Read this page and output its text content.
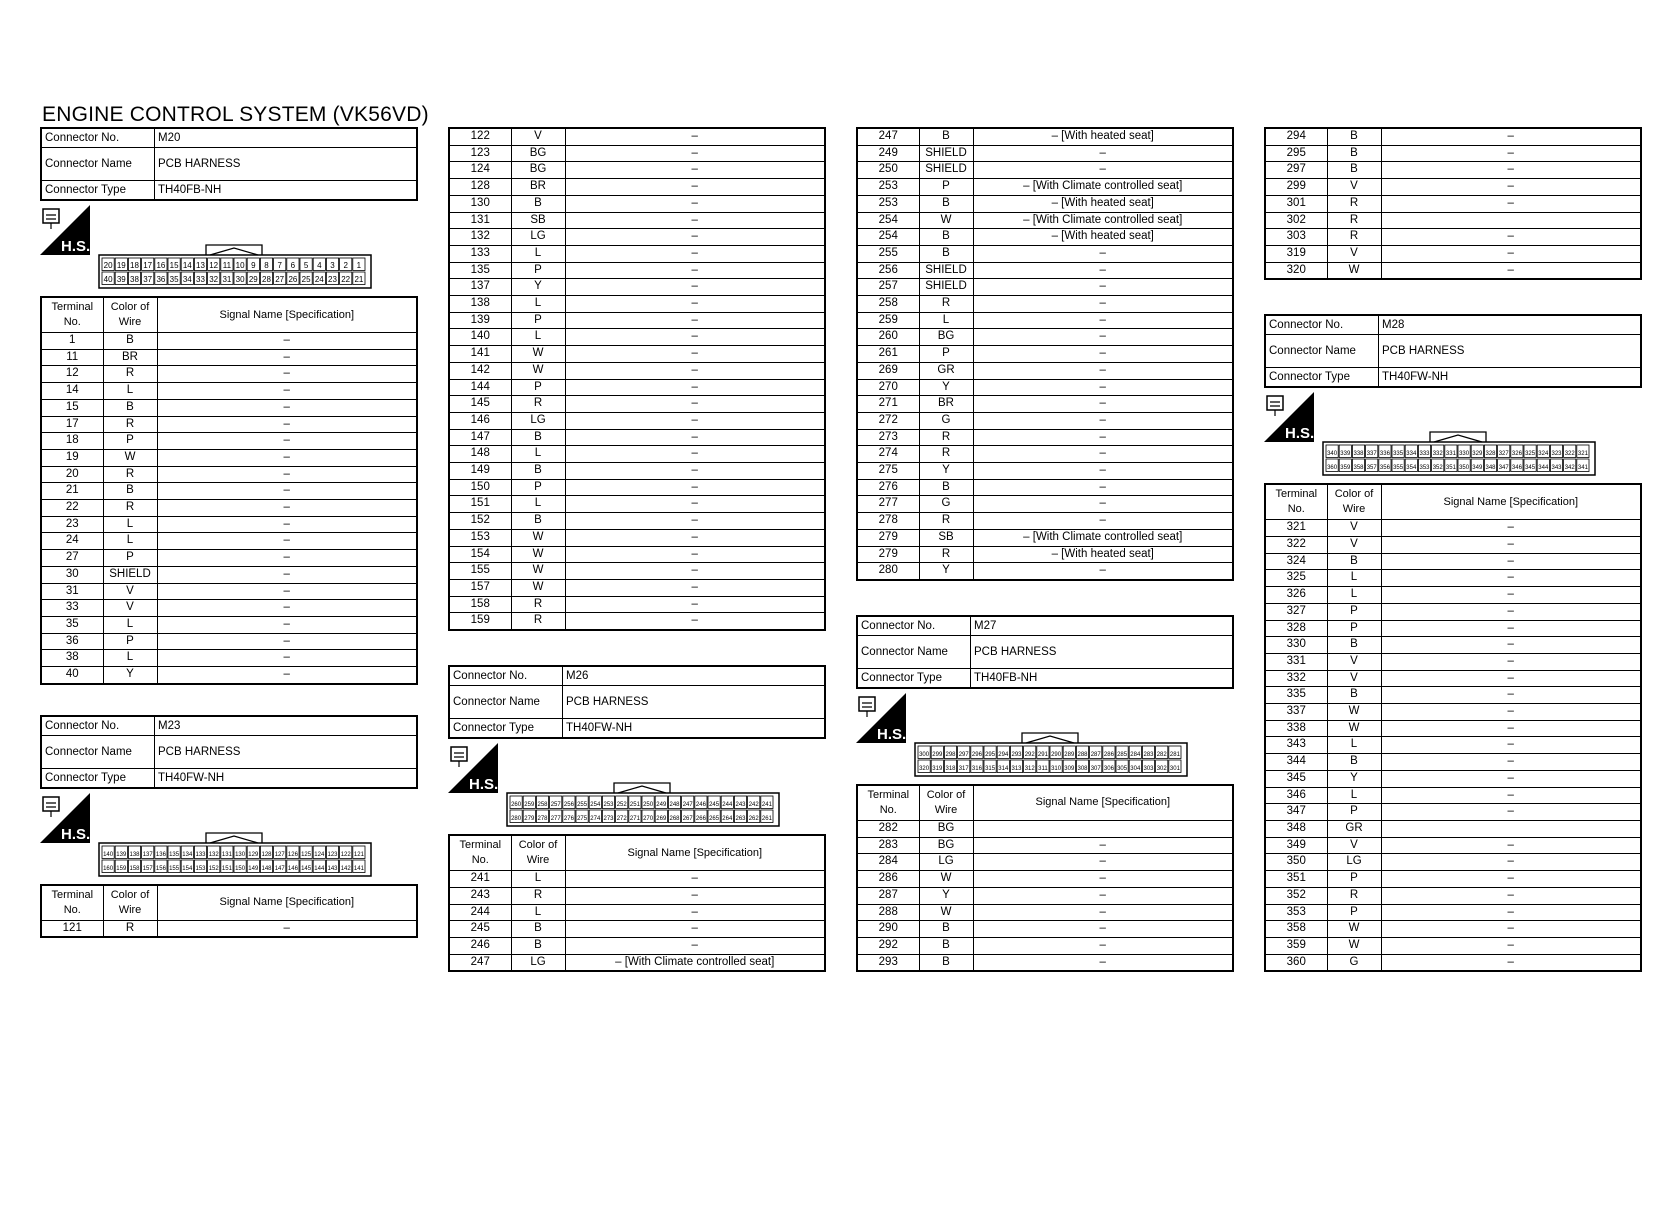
ENGINE CONTROL SYSTEM (VK56VD)
Connector No.	M20
Connector Name	PCB HARNESS
Connector Type	TH40FB-NH
H.S.
20 19 18 17 16 15 14 13 12 11 10 9 8 7 6 5 4 3 2 1
40 39 38 37 36 35 34 33 32 31 30 29 28 27 26 25 24 23 22 21
Terminal No.	Color of Wire	Signal Name [Specification]
1	B	–
11	BR	–
12	R	–
14	L	–
15	B	–
17	R	–
18	P	–
19	W	–
20	R	–
21	B	–
22	R	–
23	L	–
24	L	–
27	P	–
30	SHIELD	–
31	V	–
33	V	–
35	L	–
36	P	–
38	L	–
40	Y	–
Connector No.	M23
Connector Name	PCB HARNESS
Connector Type	TH40FW-NH
H.S.
140 139 138 137 136 135 134 133 132 131 130 129 128 127 126 125 124 123 122 121
160 159 158 157 156 155 154 153 152 151 150 149 148 147 146 145 144 143 142 141
Terminal No.	Color of Wire	Signal Name [Specification]
121	R	–
122	V	–
123	BG	–
124	BG	–
128	BR	–
130	B	–
131	SB	–
132	LG	–
133	L	–
135	P	–
137	Y	–
138	L	–
139	P	–
140	L	–
141	W	–
142	W	–
144	P	–
145	R	–
146	LG	–
147	B	–
148	L	–
149	B	–
150	P	–
151	L	–
152	B	–
153	W	–
154	W	–
155	W	–
157	W	–
158	R	–
159	R	–
Connector No.	M26
Connector Name	PCB HARNESS
Connector Type	TH40FW-NH
H.S.
260 259 258 257 256 255 254 253 252 251 250 249 248 247 246 245 244 243 242 241
280 279 278 277 276 275 274 273 272 271 270 269 268 267 266 265 264 263 262 261
Terminal No.	Color of Wire	Signal Name [Specification]
241	L	–
243	R	–
244	L	–
245	B	–
246	B	–
247	LG	– [With Climate controlled seat]
247	B	– [With heated seat]
249	SHIELD	–
250	SHIELD	–
253	P	– [With Climate controlled seat]
253	B	– [With heated seat]
254	W	– [With Climate controlled seat]
254	B	– [With heated seat]
255	B	–
256	SHIELD	–
257	SHIELD	–
258	R	–
259	L	–
260	BG	–
261	P	–
269	GR	–
270	Y	–
271	BR	–
272	G	–
273	R	–
274	R	–
275	Y	–
276	B	–
277	G	–
278	R	–
279	SB	– [With Climate controlled seat]
279	R	– [With heated seat]
280	Y	–
Connector No.	M27
Connector Name	PCB HARNESS
Connector Type	TH40FB-NH
H.S.
300 299 298 297 296 295 294 293 292 291 290 289 288 287 286 285 284 283 282 281
320 319 318 317 316 315 314 313 312 311 310 309 308 307 306 305 304 303 302 301
Terminal No.	Color of Wire	Signal Name [Specification]
282	BG	
283	BG	–
284	LG	–
286	W	–
287	Y	–
288	W	–
290	B	–
292	B	–
293	B	–
294	B	–
295	B	–
297	B	–
299	V	–
301	R	–
302	R	
303	R	–
319	V	–
320	W	–
Connector No.	M28
Connector Name	PCB HARNESS
Connector Type	TH40FW-NH
H.S.
340 339 338 337 336 335 334 333 332 331 330 329 328 327 326 325 324 323 322 321
360 359 358 357 356 355 354 353 352 351 350 349 348 347 346 345 344 343 342 341
Terminal No.	Color of Wire	Signal Name [Specification]
321	V	–
322	V	–
324	B	–
325	L	–
326	L	–
327	P	–
328	P	–
330	B	–
331	V	–
332	V	–
335	B	–
337	W	–
338	W	–
343	L	–
344	B	–
345	Y	–
346	L	–
347	P	–
348	GR	
349	V	–
350	LG	–
351	P	–
352	R	–
353	P	–
358	W	–
359	W	–
360	G	–
